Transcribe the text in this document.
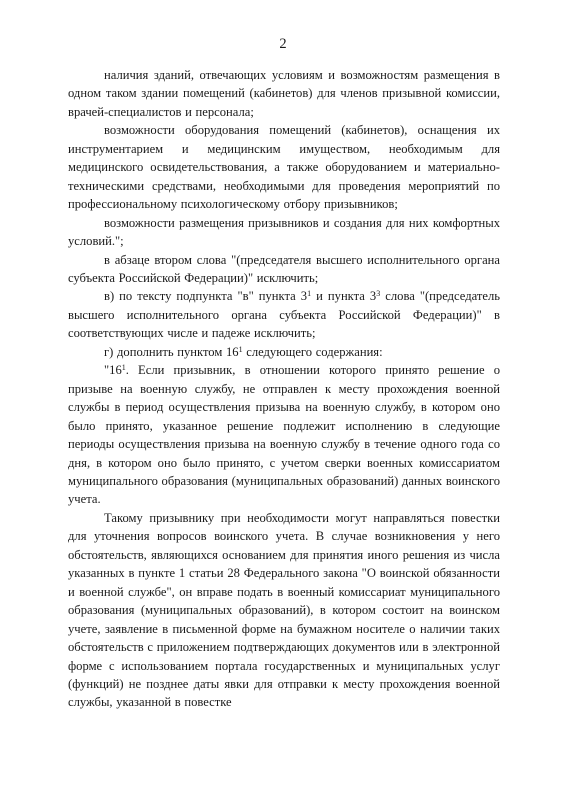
2

наличия зданий, отвечающих условиям и возможностям размещения в одном таком здании помещений (кабинетов) для членов призывной комиссии, врачей-специалистов и персонала;

возможности оборудования помещений (кабинетов), оснащения их инструментарием и медицинским имуществом, необходимым для медицинского освидетельствования, а также оборудованием и материально-техническими средствами, необходимыми для проведения мероприятий по профессиональному психологическому отбору призывников;

возможности размещения призывников и создания для них комфортных условий.";

в абзаце втором слова "(председателя высшего исполнительного органа субъекта Российской Федерации)" исключить;

в) по тексту подпункта "в" пункта $3^1$ и пункта $3^3$ слова "(председатель высшего исполнительного органа субъекта Российской Федерации)" в соответствующих числе и падеже исключить;

г) дополнить пунктом $16^1$ следующего содержания:

"$16^1$. Если призывник, в отношении которого принято решение о призыве на военную службу, не отправлен к месту прохождения военной службы в период осуществления призыва на военную службу, в котором оно было принято, указанное решение подлежит исполнению в следующие периоды осуществления призыва на военную службу в течение одного года со дня, в котором оно было принято, с учетом сверки военных комиссариатом муниципального образования (муниципальных образований) данных воинского учета.

Такому призывнику при необходимости могут направляться повестки для уточнения вопросов воинского учета. В случае возникновения у него обстоятельств, являющихся основанием для принятия иного решения из числа указанных в пункте 1 статьи 28 Федерального закона "О воинской обязанности и военной службе", он вправе подать в военный комиссариат муниципального образования (муниципальных образований), в котором состоит на воинском учете, заявление в письменной форме на бумажном носителе о наличии таких обстоятельств с приложением подтверждающих документов или в электронной форме с использованием портала государственных и муниципальных услуг (функций) не позднее даты явки для отправки к месту прохождения военной службы, указанной в повестке
